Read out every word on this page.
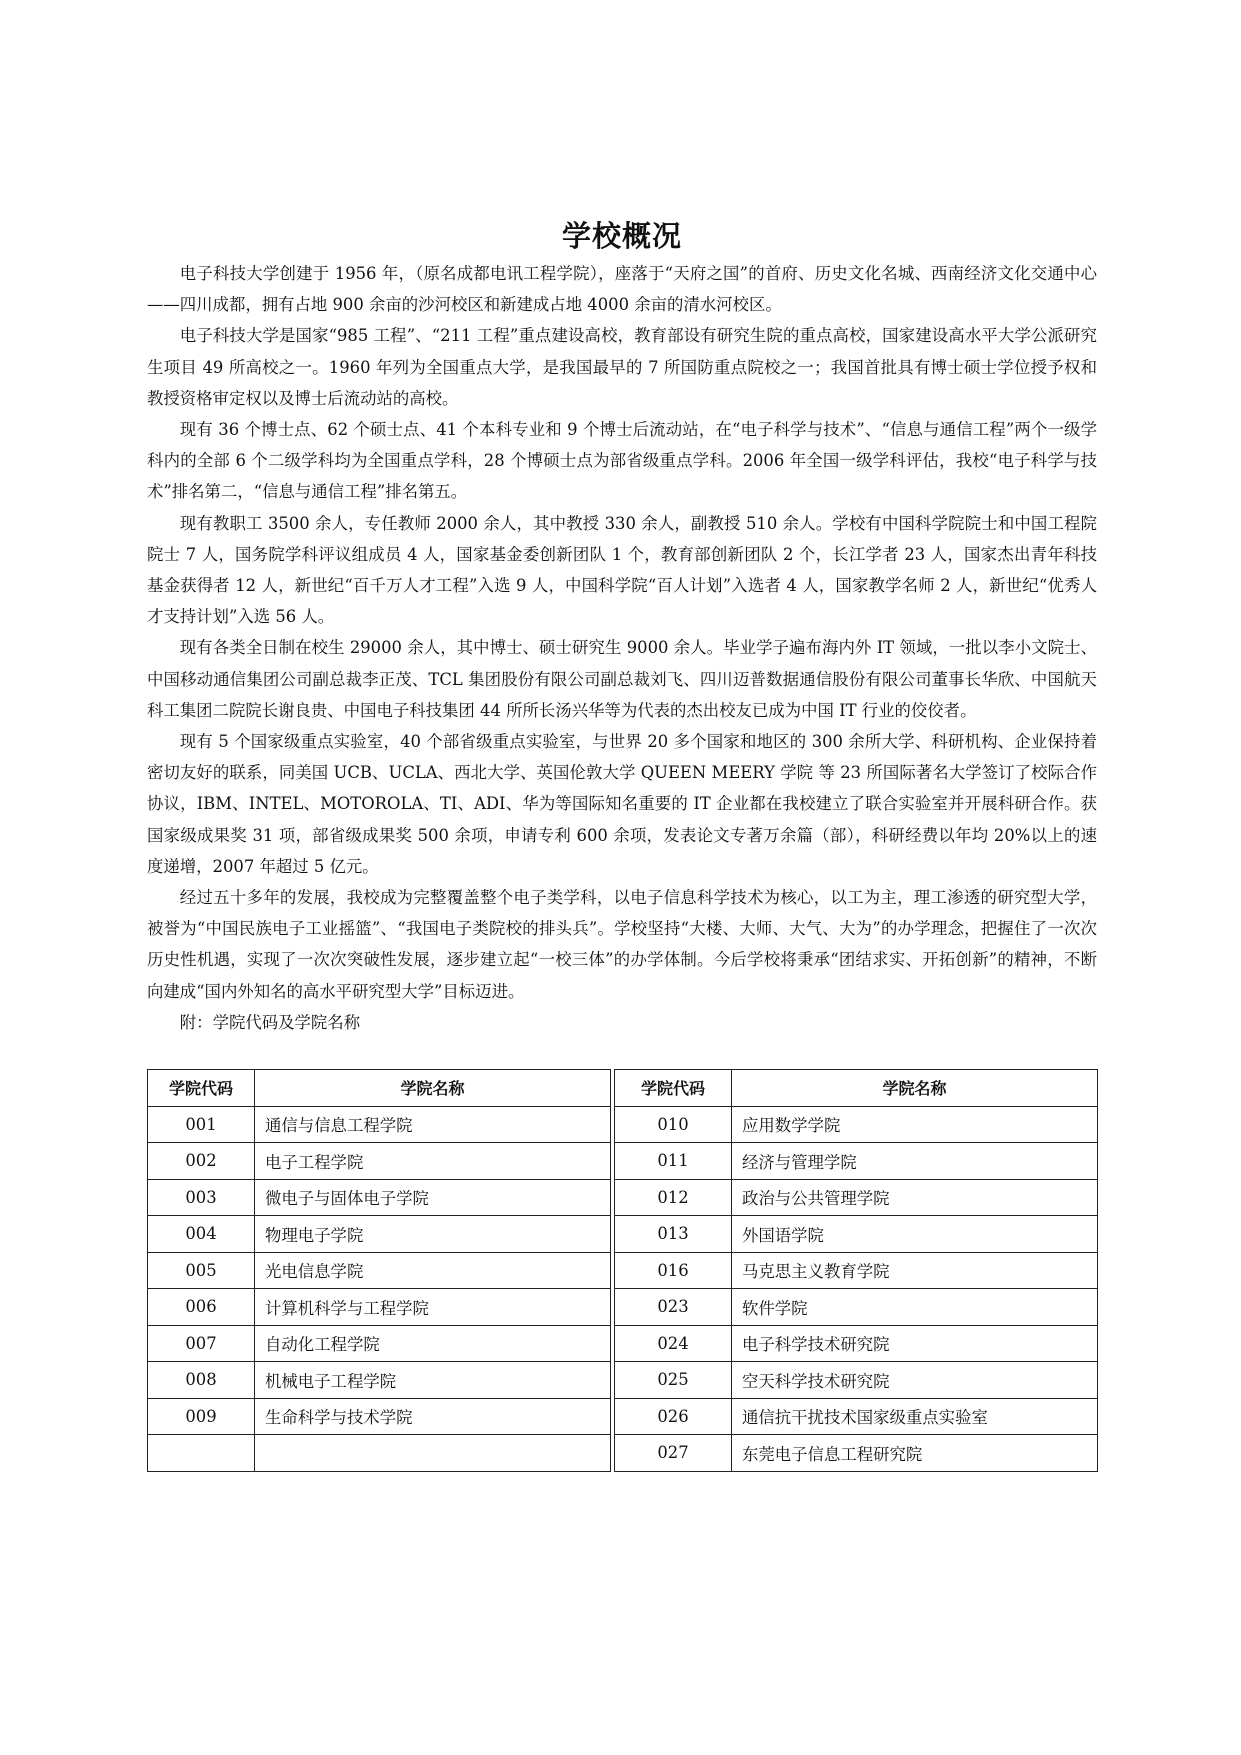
学校概况

电子科技大学创建于 1956 年，（原名成都电讯工程学院），座落于“天府之国”的首府、历史文化名城、西南经济文化交通中心——四川成都，拥有占地 900 余亩的沙河校区和新建成占地 4000 余亩的清水河校区。

电子科技大学是国家“985 工程”、“211 工程”重点建设高校，教育部设有研究生院的重点高校，国家建设高水平大学公派研究生项目 49 所高校之一。1960 年列为全国重点大学，是我国最早的 7 所国防重点院校之一；我国首批具有博士硕士学位授予权和教授资格审定权以及博士后流动站的高校。

现有 36 个博士点、62 个硕士点、41 个本科专业和 9 个博士后流动站，在“电子科学与技术”、“信息与通信工程”两个一级学科内的全部 6 个二级学科均为全国重点学科，28 个博硕士点为部省级重点学科。2006 年全国一级学科评估，我校“电子科学与技术”排名第二，“信息与通信工程”排名第五。

现有教职工 3500 余人，专任教师 2000 余人，其中教授 330 余人，副教授 510 余人。学校有中国科学院院士和中国工程院院士 7 人，国务院学科评议组成员 4 人，国家基金委创新团队 1 个，教育部创新团队 2 个，长江学者 23 人，国家杰出青年科技基金获得者 12 人，新世纪“百千万人才工程”入选 9 人，中国科学院“百人计划”入选者 4 人，国家教学名师 2 人，新世纪“优秀人才支持计划”入选 56 人。

现有各类全日制在校生 29000 余人，其中博士、硕士研究生 9000 余人。毕业学子遍布海内外 IT 领域，一批以李小文院士、中国移动通信集团公司副总裁李正茂、TCL 集团股份有限公司副总裁刘飞、四川迈普数据通信股份有限公司董事长华欣、中国航天科工集团二院院长谢良贵、中国电子科技集团 44 所所长汤兴华等为代表的杰出校友已成为中国 IT 行业的佼佼者。

现有 5 个国家级重点实验室，40 个部省级重点实验室，与世界 20 多个国家和地区的 300 余所大学、科研机构、企业保持着密切友好的联系，同美国 UCB、UCLA、西北大学、英国伦敦大学 QUEEN MEERY 学院 等 23 所国际著名大学签订了校际合作协议，IBM、INTEL、MOTOROLA、TI、ADI、华为等国际知名重要的 IT 企业都在我校建立了联合实验室并开展科研合作。获国家级成果奖 31 项，部省级成果奖 500 余项，申请专利 600 余项，发表论文专著万余篇（部），科研经费以年均 20%以上的速度递增，2007 年超过 5 亿元。

经过五十多年的发展，我校成为完整覆盖整个电子类学科，以电子信息科学技术为核心，以工为主，理工渗透的研究型大学，被誉为“中国民族电子工业摇篮”、“我国电子类院校的排头兵”。学校坚持“大楼、大师、大气、大为”的办学理念，把握住了一次次历史性机遇，实现了一次次突破性发展，逐步建立起“一校三体”的办学体制。今后学校将秉承“团结求实、开拓创新”的精神，不断向建成“国内外知名的高水平研究型大学”目标迈进。

附：学院代码及学院名称

学院代码	学院名称		学院代码	学院名称
001	通信与信息工程学院		010	应用数学学院
002	电子工程学院		011	经济与管理学院
003	微电子与固体电子学院		012	政治与公共管理学院
004	物理电子学院		013	外国语学院
005	光电信息学院		016	马克思主义教育学院
006	计算机科学与工程学院		023	软件学院
007	自动化工程学院		024	电子科学技术研究院
008	机械电子工程学院		025	空天科学技术研究院
009	生命科学与技术学院		026	通信抗干扰技术国家级重点实验室
			027	东莞电子信息工程研究院
